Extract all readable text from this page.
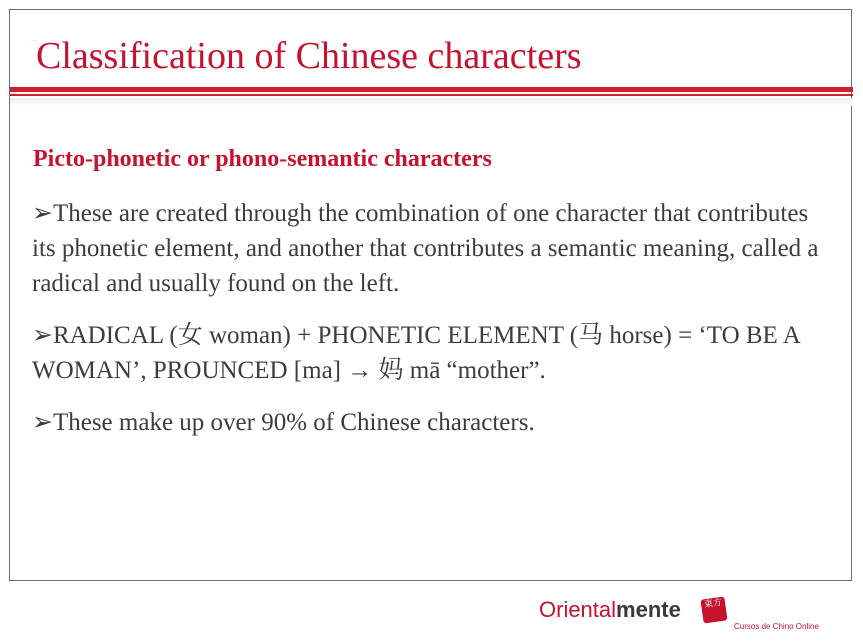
Classification of Chinese characters
Picto-phonetic or phono-semantic characters
➢These are created through the combination of one character that contributes its phonetic element, and another that contributes a semantic meaning, called a radical and usually found on the left.
➢RADICAL (女 woman) + PHONETIC ELEMENT (马 horse) = ‘TO BE A WOMAN’, PROUNCED [ma] → 妈 mā “mother”.
➢These make up over 90% of Chinese characters.
Orientalmente	東方
Cursos de Chino Online
